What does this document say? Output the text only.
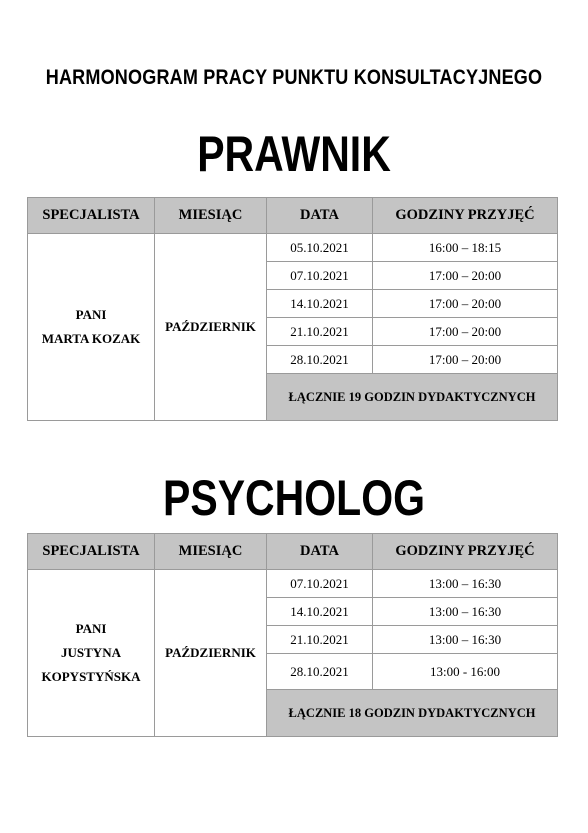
HARMONOGRAM PRACY PUNKTU KONSULTACYJNEGO
PRAWNIK
SPECJALISTA	MIESIĄC	DATA	GODZINY PRZYJĘĆ

PANI
MARTA KOZAK	PAŹDZIERNIK	05.10.2021	16:00 – 18:15
		07.10.2021	17:00 – 20:00
		14.10.2021	17:00 – 20:00
		21.10.2021	17:00 – 20:00
		28.10.2021	17:00 – 20:00
		ŁĄCZNIE 19 GODZIN DYDAKTYCZNYCH	
PSYCHOLOG
SPECJALISTA	MIESIĄC	DATA	GODZINY PRZYJĘĆ

PANI
JUSTYNA
KOPYSTYŃSKA	PAŹDZIERNIK	07.10.2021	13:00 – 16:30
		14.10.2021	13:00 – 16:30
		21.10.2021	13:00 – 16:30
		28.10.2021	13:00 - 16:00
		ŁĄCZNIE 18 GODZIN DYDAKTYCZNYCH	
